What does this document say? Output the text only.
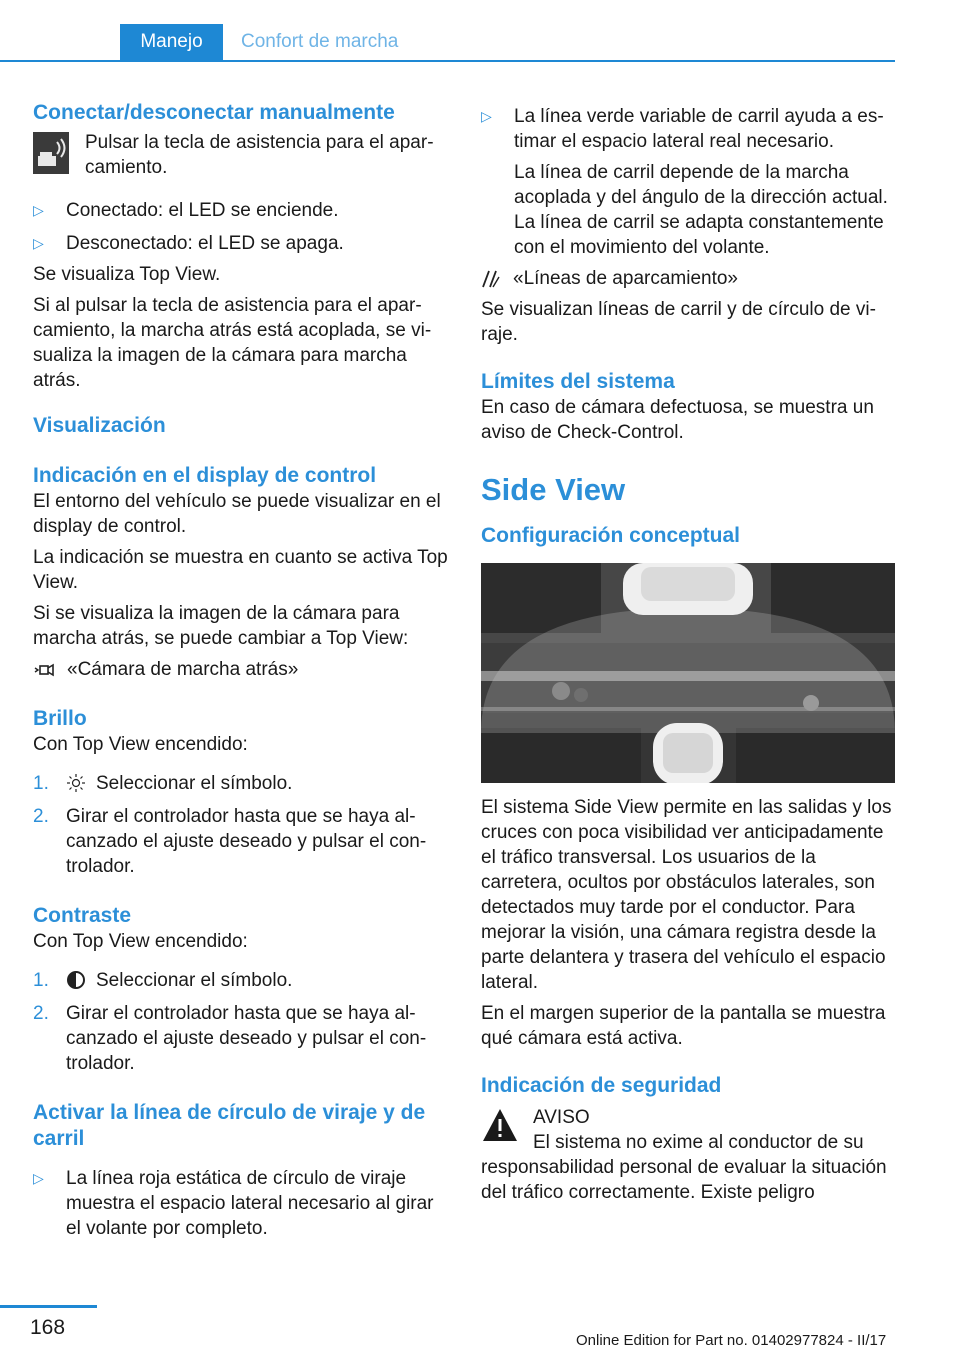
Manejo	Confort de marcha
Conectar/desconectar manualmente

Pulsar la tecla de asistencia para el aparcamiento.

▷	Conectado: el LED se enciende.
▷	Desconectado: el LED se apaga.

Se visualiza Top View.

Si al pulsar la tecla de asistencia para el aparcamiento, la marcha atrás está acoplada, se visualiza la imagen de la cámara para marcha atrás.

Visualización
Indicación en el display de control

El entorno del vehículo se puede visualizar en el display de control.

La indicación se muestra en cuanto se activa Top View.

Si se visualiza la imagen de la cámara para marcha atrás, se puede cambiar a Top View:

«Cámara de marcha atrás»
Brillo

Con Top View encendido:

1.	Seleccionar el símbolo.
2. Girar el controlador hasta que se haya alcanzado el ajuste deseado y pulsar el controlador.
Contraste

Con Top View encendido:

1.	Seleccionar el símbolo.
2. Girar el controlador hasta que se haya alcanzado el ajuste deseado y pulsar el controlador.
Activar la línea de círculo de viraje y de carril
▷	La línea roja estática de círculo de viraje muestra el espacio lateral necesario al girar el volante por completo.
▷	La línea verde variable de carril ayuda a estimar el espacio lateral real necesario.

La línea de carril depende de la marcha acoplada y del ángulo de la dirección actual. La línea de carril se adapta constantemente con el movimiento del volante.

«Líneas de aparcamiento»

Se visualizan líneas de carril y de círculo de viraje.

Límites del sistema

En caso de cámara defectuosa, se muestra un aviso de Check-Control.

Side View
Configuración conceptual

El sistema Side View permite en las salidas y los cruces con poca visibilidad ver anticipadamente el tráfico transversal. Los usuarios de la carretera, ocultos por obstáculos laterales, son detectados muy tarde por el conductor. Para mejorar la visión, una cámara registra desde la parte delantera y trasera del vehículo el espacio lateral.

En el margen superior de la pantalla se muestra qué cámara está activa.

Indicación de seguridad

AVISO

El sistema no exime al conductor de su responsabilidad personal de evaluar la situación del tráfico correctamente. Existe peligro

168
Online Edition for Part no. 01402977824 - II/17
